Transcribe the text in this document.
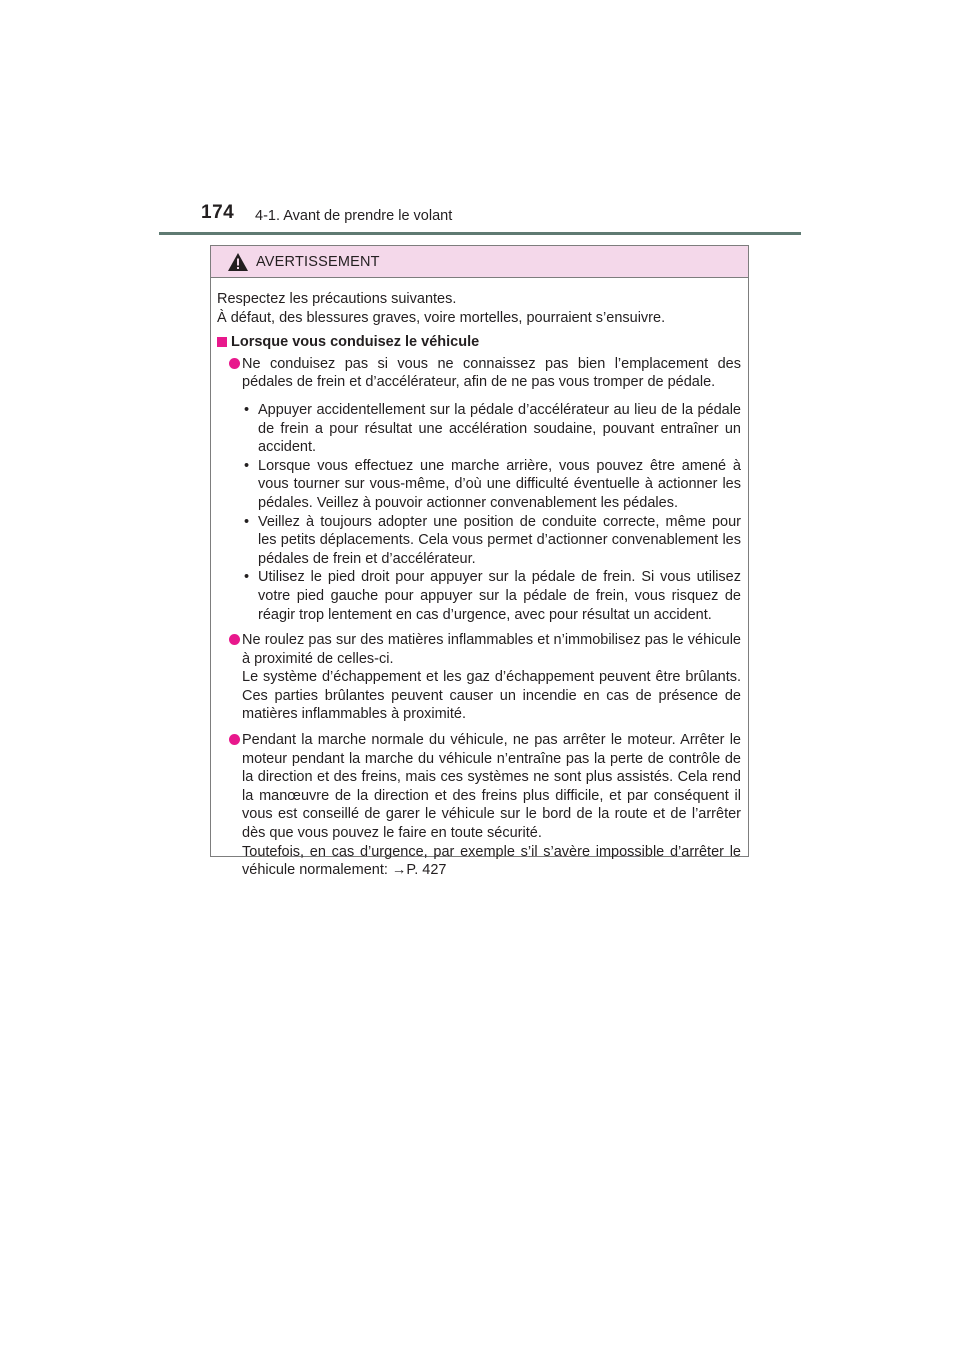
174 4-1. Avant de prendre le volant
AVERTISSEMENT

Respectez les précautions suivantes.

À défaut, des blessures graves, voire mortelles, pourraient s’ensuivre.

Lorsque vous conduisez le véhicule

Ne conduisez pas si vous ne connaissez pas bien l’emplacement des pédales de frein et d’accélérateur, afin de ne pas vous tromper de pédale.

• Appuyer accidentellement sur la pédale d’accélérateur au lieu de la pédale de frein a pour résultat une accélération soudaine, pouvant entraîner un accident.
• Lorsque vous effectuez une marche arrière, vous pouvez être amené à vous tourner sur vous-même, d’où une difficulté éventuelle à actionner les pédales. Veillez à pouvoir actionner convenablement les pédales.
• Veillez à toujours adopter une position de conduite correcte, même pour les petits déplacements. Cela vous permet d’actionner convenablement les pédales de frein et d’accélérateur.
• Utilisez le pied droit pour appuyer sur la pédale de frein. Si vous utilisez votre pied gauche pour appuyer sur la pédale de frein, vous risquez de réagir trop lentement en cas d’urgence, avec pour résultat un accident.

Ne roulez pas sur des matières inflammables et n’immobilisez pas le véhicule à proximité de celles-ci.

Le système d’échappement et les gaz d’échappement peuvent être brûlants. Ces parties brûlantes peuvent causer un incendie en cas de présence de matières inflammables à proximité.

Pendant la marche normale du véhicule, ne pas arrêter le moteur. Arrêter le moteur pendant la marche du véhicule n’entraîne pas la perte de contrôle de la direction et des freins, mais ces systèmes ne sont plus assistés. Cela rend la manœuvre de la direction et des freins plus difficile, et par conséquent il vous est conseillé de garer le véhicule sur le bord de la route et de l’arrêter dès que vous pouvez le faire en toute sécurité.

Toutefois, en cas d’urgence, par exemple s’il s’avère impossible d’arrêter le véhicule normalement: →P. 427
